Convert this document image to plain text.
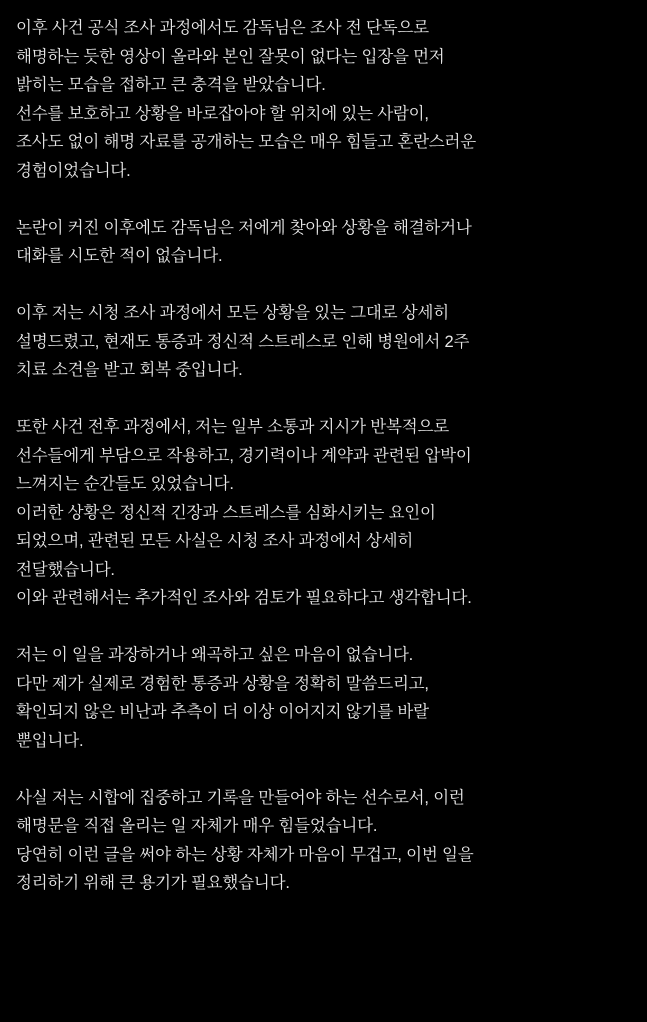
이후 사건 공식 조사 과정에서도 감독님은 조사 전 단독으로
해명하는 듯한 영상이 올라와 본인 잘못이 없다는 입장을 먼저
밝히는 모습을 접하고 큰 충격을 받았습니다.
선수를 보호하고 상황을 바로잡아야 할 위치에 있는 사람이,
조사도 없이 해명 자료를 공개하는 모습은 매우 힘들고 혼란스러운
경험이었습니다.
논란이 커진 이후에도 감독님은 저에게 찾아와 상황을 해결하거나
대화를 시도한 적이 없습니다.
이후 저는 시청 조사 과정에서 모든 상황을 있는 그대로 상세히
설명드렸고, 현재도 통증과 정신적 스트레스로 인해 병원에서 2주
치료 소견을 받고 회복 중입니다.
또한 사건 전후 과정에서, 저는 일부 소통과 지시가 반복적으로
선수들에게 부담으로 작용하고, 경기력이나 계약과 관련된 압박이
느껴지는 순간들도 있었습니다.
이러한 상황은 정신적 긴장과 스트레스를 심화시키는 요인이
되었으며, 관련된 모든 사실은 시청 조사 과정에서 상세히
전달했습니다.
이와 관련해서는 추가적인 조사와 검토가 필요하다고 생각합니다.
저는 이 일을 과장하거나 왜곡하고 싶은 마음이 없습니다.
다만 제가 실제로 경험한 통증과 상황을 정확히 말씀드리고,
확인되지 않은 비난과 추측이 더 이상 이어지지 않기를 바랄
뿐입니다.
사실 저는 시합에 집중하고 기록을 만들어야 하는 선수로서, 이런
해명문을 직접 올리는 일 자체가 매우 힘들었습니다.
당연히 이런 글을 써야 하는 상황 자체가 마음이 무겁고, 이번 일을
정리하기 위해 큰 용기가 필요했습니다.
